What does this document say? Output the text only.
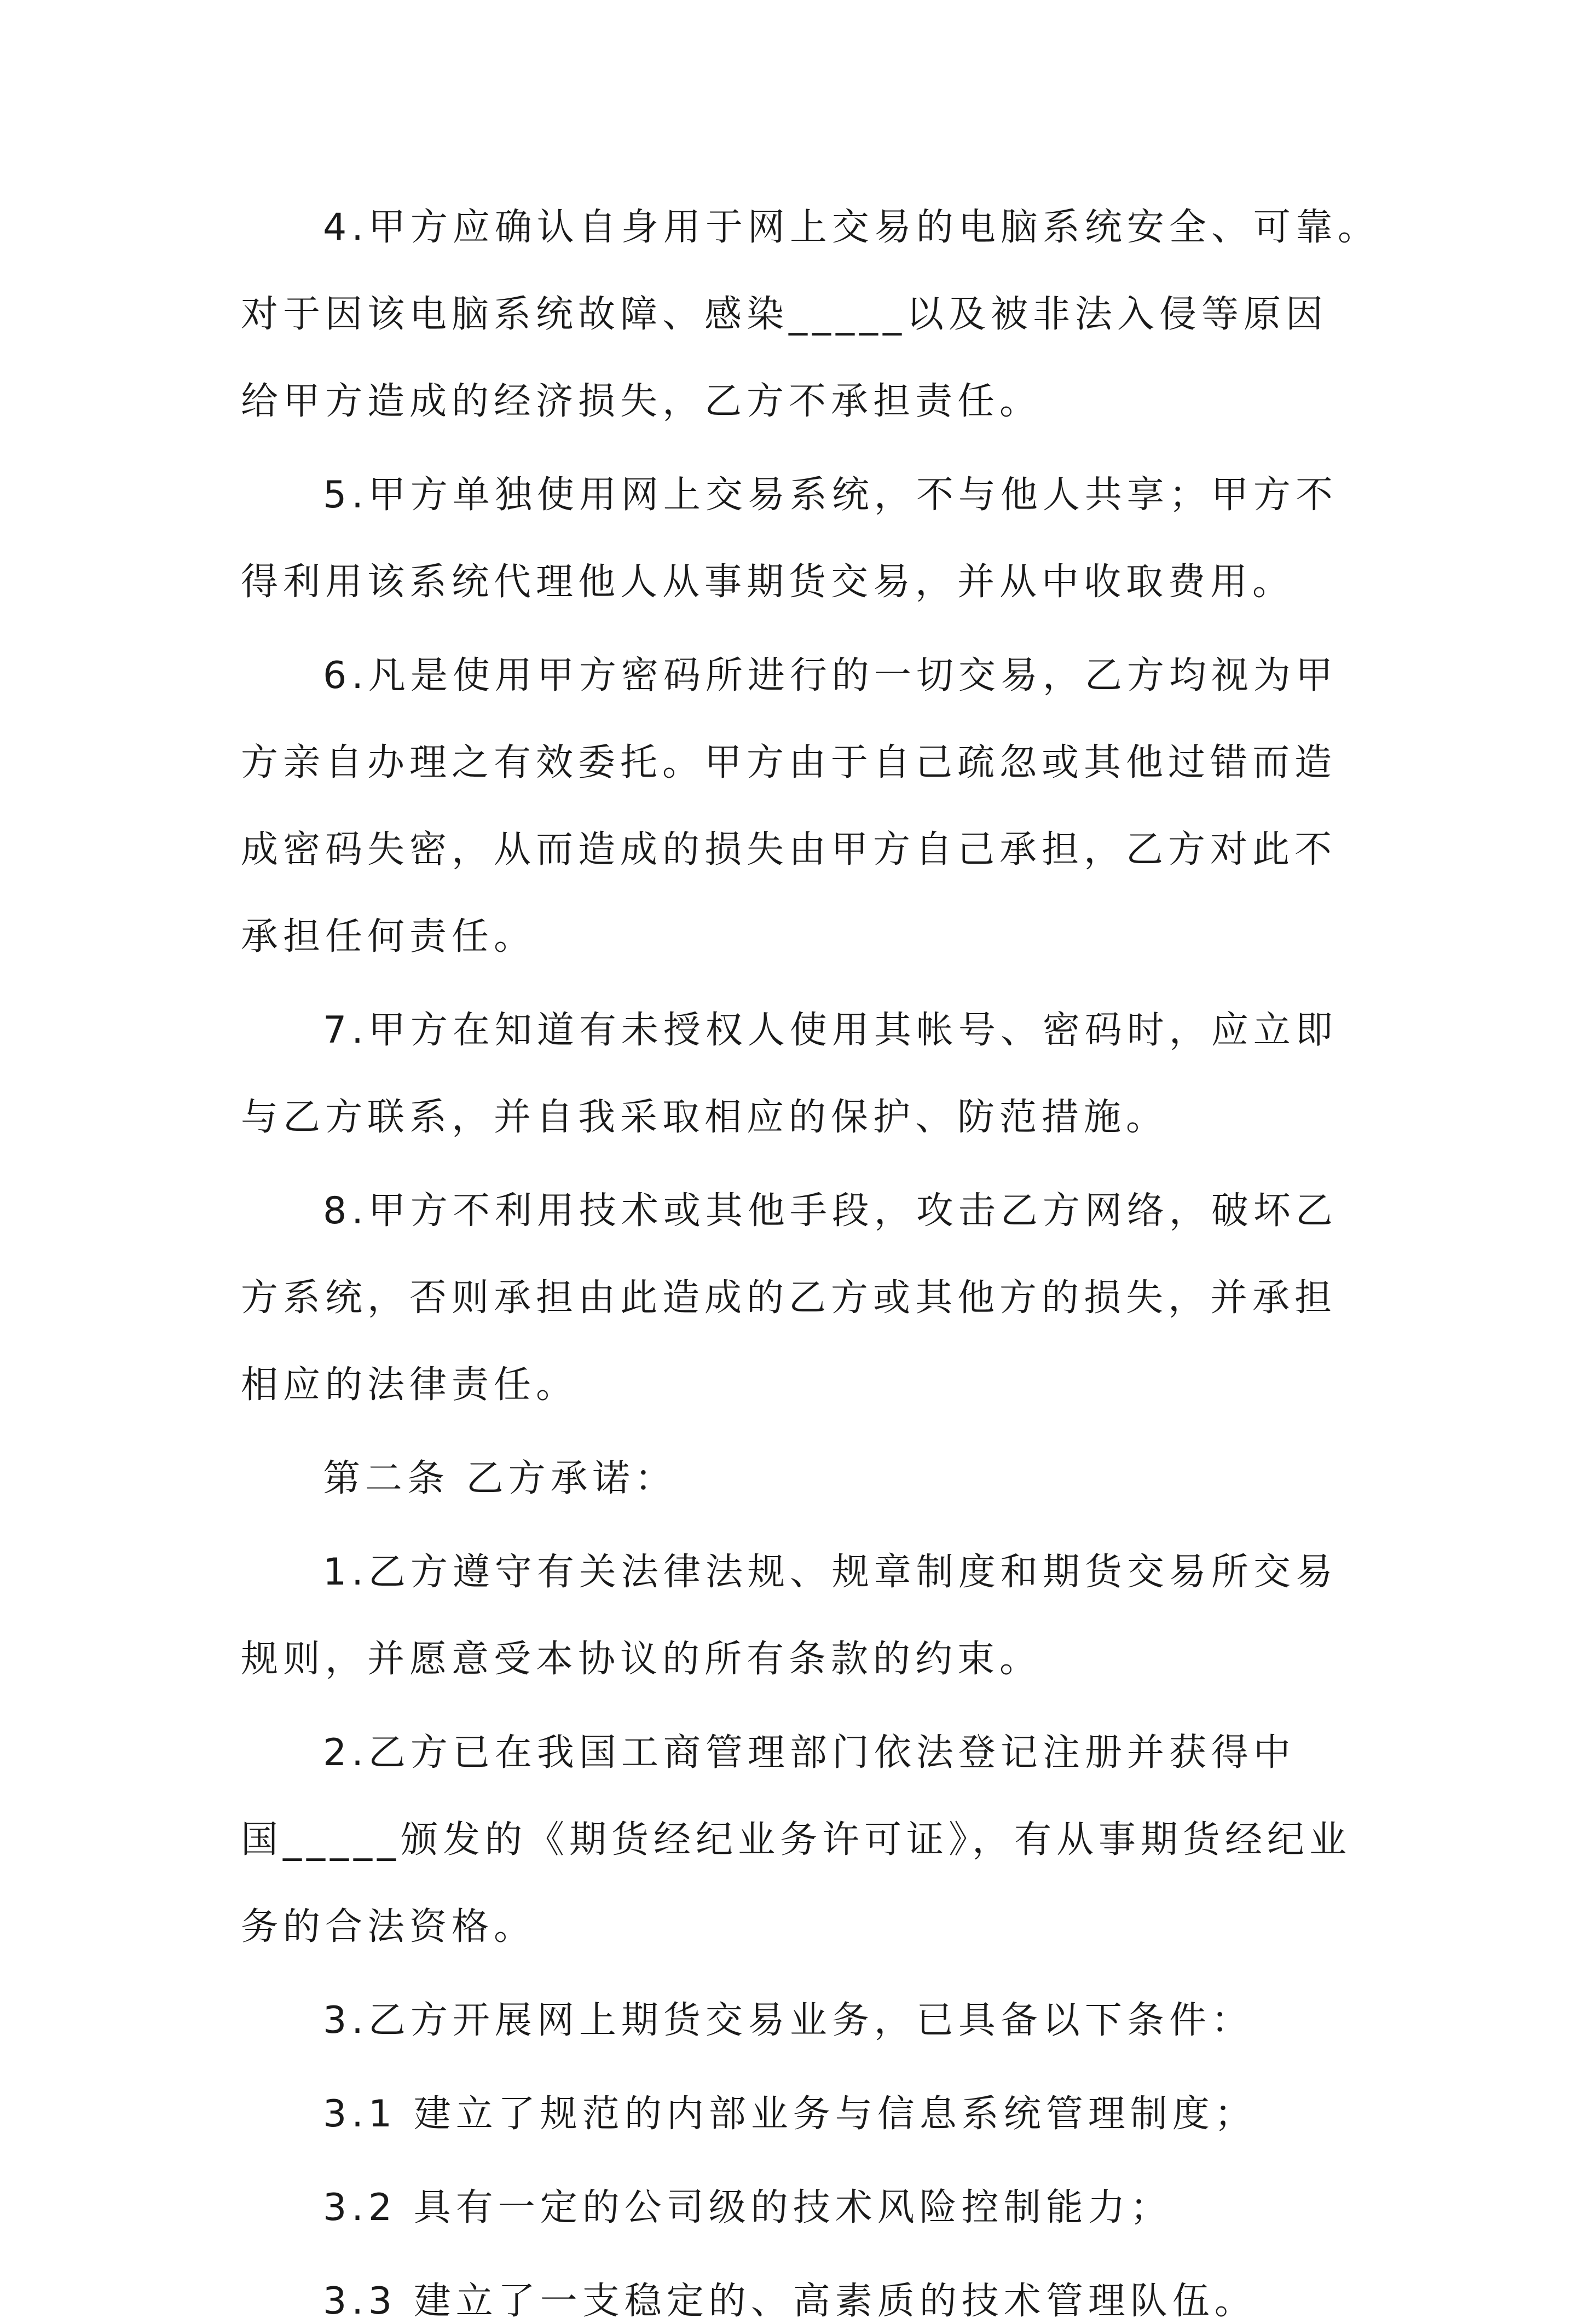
4.甲方应确认自身用于网上交易的电脑系统安全、可靠。
对于因该电脑系统故障、感染_____以及被非法入侵等原因
给甲方造成的经济损失，乙方不承担责任。
5.甲方单独使用网上交易系统，不与他人共享；甲方不
得利用该系统代理他人从事期货交易，并从中收取费用。
6.凡是使用甲方密码所进行的一切交易，乙方均视为甲
方亲自办理之有效委托。甲方由于自己疏忽或其他过错而造
成密码失密，从而造成的损失由甲方自己承担，乙方对此不
承担任何责任。
7.甲方在知道有未授权人使用其帐号、密码时，应立即
与乙方联系，并自我采取相应的保护、防范措施。
8.甲方不利用技术或其他手段，攻击乙方网络，破坏乙
方系统，否则承担由此造成的乙方或其他方的损失，并承担
相应的法律责任。
第二条 乙方承诺：
1.乙方遵守有关法律法规、规章制度和期货交易所交易
规则，并愿意受本协议的所有条款的约束。
2.乙方已在我国工商管理部门依法登记注册并获得中
国_____颁发的《期货经纪业务许可证》，有从事期货经纪业
务的合法资格。
3.乙方开展网上期货交易业务，已具备以下条件：
3.1 建立了规范的内部业务与信息系统管理制度；
3.2 具有一定的公司级的技术风险控制能力；
3.3 建立了一支稳定的、高素质的技术管理队伍。
